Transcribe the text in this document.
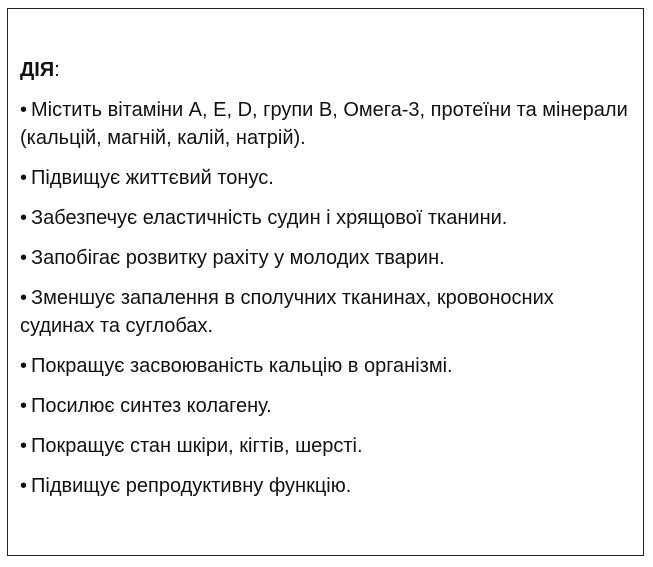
ДІЯ:
• Містить вітаміни A, E, D, групи B, Омега-3, протеїни та мінерали (кальцій, магній, калій, натрій).
• Підвищує життєвий тонус.
• Забезпечує еластичність судин і хрящової тканини.
• Запобігає розвитку рахіту у молодих тварин.
• Зменшує запалення в сполучних тканинах, кровоносних судинах та суглобах.
• Покращує засвоюваність кальцію в організмі.
• Посилює синтез колагену.
• Покращує стан шкіри, кігтів, шерсті.
• Підвищує репродуктивну функцію.
